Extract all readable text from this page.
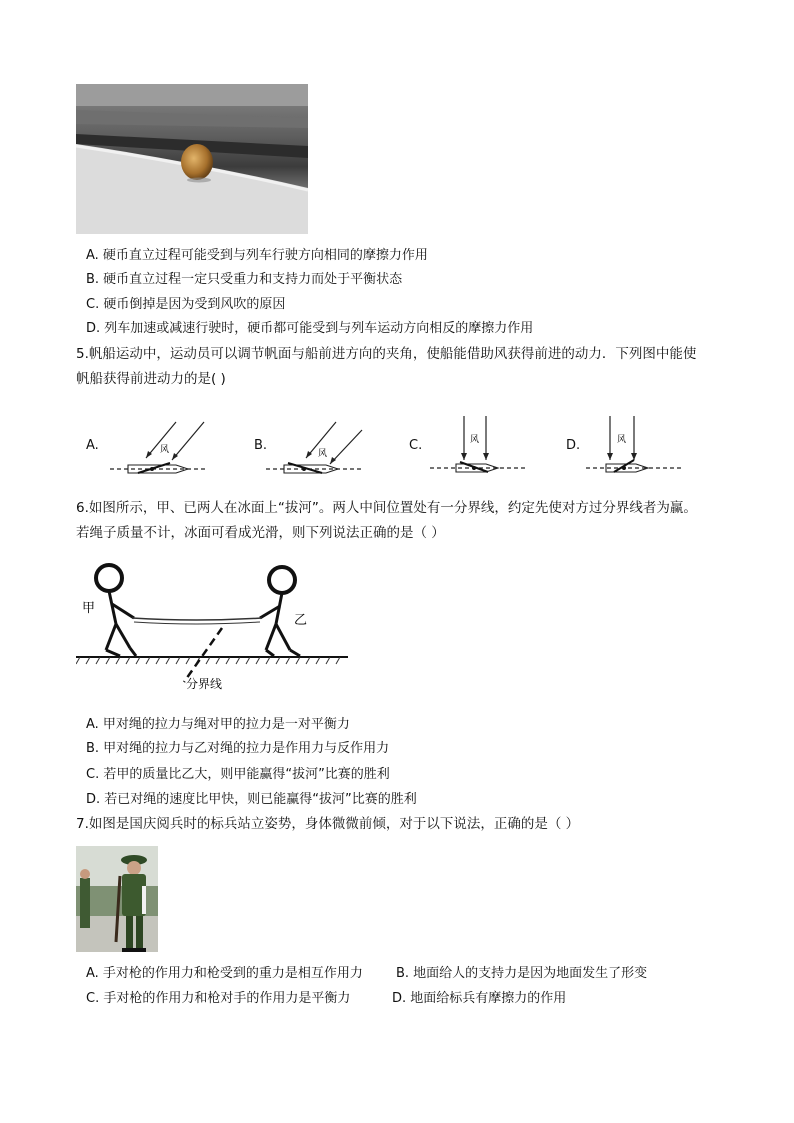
A. 硬币直立过程可能受到与列车行驶方向相同的摩擦力作用
B. 硬币直立过程一定只受重力和支持力而处于平衡状态
C. 硬币倒掉是因为受到风吹的原因
D. 列车加速或减速行驶时，硬币都可能受到与列车运动方向相反的摩擦力作用
5.帆船运动中，运动员可以调节帆面与船前进方向的夹角，使船能借助风获得前进的动力．下列图中能使
帆船获得前进动力的是( )
A.	风	B.
风
C.	风	D.	风
6.如图所示，甲、已两人在冰面上“拔河”。两人中间位置处有一分界线，约定先使对方过分界线者为赢。
若绳子质量不计，冰面可看成光滑，则下列说法正确的是（ ）
甲
乙
分界线
A. 甲对绳的拉力与绳对甲的拉力是一对平衡力
B. 甲对绳的拉力与乙对绳的拉力是作用力与反作用力
C. 若甲的质量比乙大，则甲能赢得“拔河”比赛的胜利
D. 若已对绳的速度比甲快，则已能赢得“拔河”比赛的胜利
7.如图是国庆阅兵时的标兵站立姿势，身体微微前倾，对于以下说法，正确的是（ ）
A. 手对枪的作用力和枪受到的重力是相互作用力	B. 地面给人的支持力是因为地面发生了形变
C. 手对枪的作用力和枪对手的作用力是平衡力	D. 地面给标兵有摩擦力的作用
